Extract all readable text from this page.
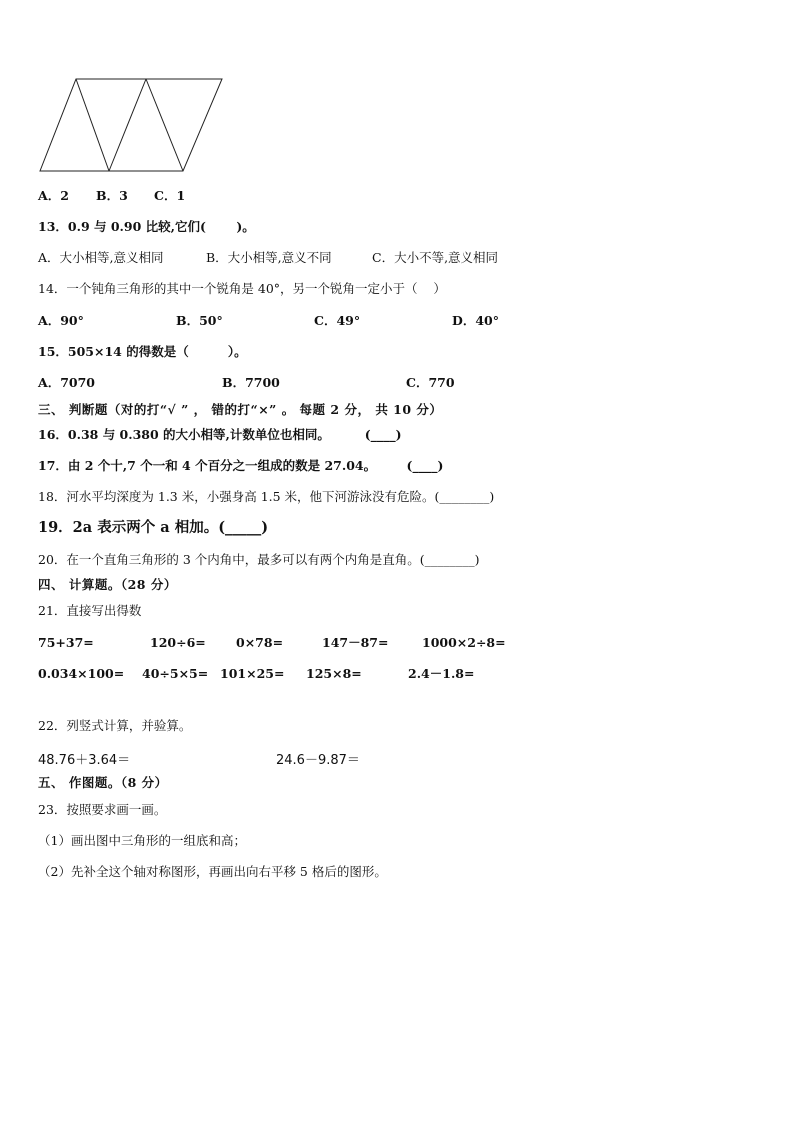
A．2 B．3 C．1

13．0.9 与 0.90 比较,它们(       )。

A．大小相等,意义相同	B．大小相等,意义不同	C．大小不等,意义相同

14．一个钝角三角形的其中一个锐角是 40°，另一个锐角一定小于（    ）

A．90°	B．50°	C．49°	D．40°

15．505×14 的得数是（         ）。

A．7070	B．7700	C．770

三、 判断题（对的打“√ ” ， 错的打“×” 。 每题 2 分， 共 10 分）

16．0.38 与 0.380 的大小相等,计数单位也相同。        (____)

17．由 2 个十,7 个一和 4 个百分之一组成的数是 27.04。       (____)

18．河水平均深度为 1.3 米，小强身高 1.5 米，他下河游泳没有危险。(________)

19．2a 表示两个 a 相加。(_____)

20．在一个直角三角形的 3 个内角中，最多可以有两个内角是直角。(________)

四、 计算题。（28 分）

21．直接写出得数

75+37=	120÷6= 0×78=	147－87=	1000×2÷8=
0.034×100= 40÷5×5= 101×25= 125×8=	2.4－1.8=

22．列竖式计算，并验算。

48.76＋3.64＝	24.6－9.87＝

五、 作图题。（8 分）

23．按照要求画一画。

（1）画出图中三角形的一组底和高；

（2）先补全这个轴对称图形，再画出向右平移 5 格后的图形。
